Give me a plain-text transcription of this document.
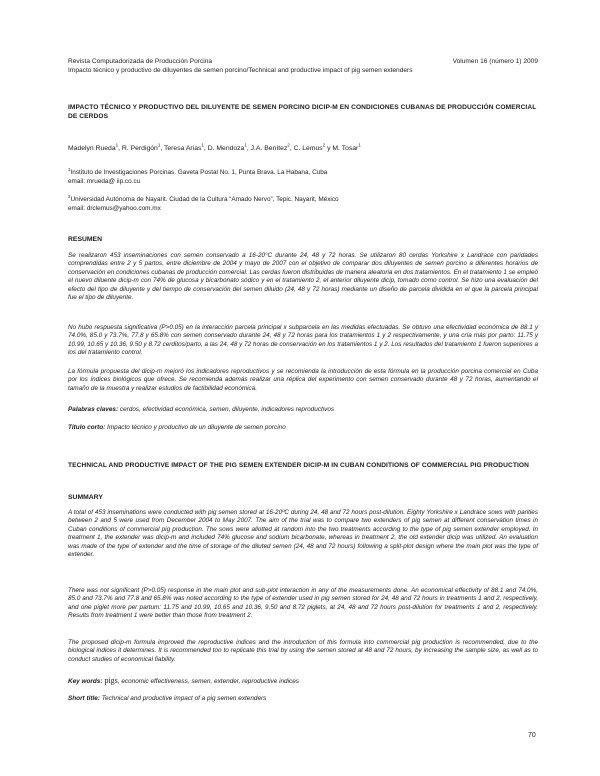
Revista Computadorizada de Producción Porcina	Volumen 16 (número 1) 2009
Impacto técnico y productivo de diluyentes de semen porcino/Technical and productive impact of pig semen extenders
IMPACTO TÉCNICO Y PRODUCTIVO DEL DILUYENTE DE SEMEN PORCINO DICIP-M EN CONDICIONES CUBANAS DE PRODUCCIÓN COMERCIAL DE CERDOS
Madelyn Rueda$^1$, R. Perdigón$^1$, Teresa Arias$^1$, D. Mendoza$^1$, J.A. Benítez$^2$, C. Lemus$^2$ y M. Tosar$^1$
$^1$Instituto de Investigaciones Porcinas. Gaveta Postal No. 1, Punta Brava. La Habana, Cuba
email: mrueda@ iip.co.cu
$^2$Universidad Autónoma de Nayarit. Ciudad de la Cultura “Amado Nervo”, Tepic. Nayarit, México
email: drclemus@yahoo.com.mx
RESUMEN

Se realizaron 453 inseminaciones con semen conservado a 16-20°C durante 24, 48 y 72 horas. Se utilizaron 80 cerdas Yorkshire x Landrace con paridades comprendidas entre 2 y 5 partos, entre diciembre de 2004 y mayo de 2007 con el objetivo de comparar dos diluyentes de semen porcino a diferentes horarios de conservación en condiciones cubanas de producción comercial. Las cerdas fueron distribuidas de manera aleatoria en dos tratamientos. En el tratamiento 1 se empleó el nuevo diluente dicip-m con 74% de glucosa y bicarbonato sódico y en el tratamiento 2, el anterior diluyente dicip, tomado como control. Se hizo una evaluación del efecto del tipo de diluyente y del tiempo de conservación del semen diluido (24, 48 y 72 horas) mediante un diseño de parcela dividida en el que la parcela principal fue el tipo de diluyente.

No hubo respuesta significativa (P>0.05) en la interacción parcela principal x subparcela en las medidas efectuadas. Se obtuvo una efectividad económica de 88.1 y 74.0%, 85.0 y 73.7%, 77.8 y 65.8% con semen conservado durante 24, 48 y 72 horas para los tratamientos 1 y 2 respectivamente, y una cría más por parto: 11.75 y 10.99, 10.65 y 10.36, 9.50 y 8.72 cerditos/parto, a las 24, 48 y 72 horas de conservación en los tratamientos 1 y 2. Los resultados del tratamiento 1 fueron superiores a los del tratamiento control.

La fórmula propuesta del dicip-m mejoró los indicadores reproductivos y se recomienda la introducción de esta fórmula en la producción porcina comercial en Cuba por los índices biológicos que ofrece. Se recomienda además realizar una réplica del experimento con semen conservado durante 48 y 72 horas, aumentando el tamaño de la muestra y realizar estudios de factibilidad económica.

Palabras claves: cerdos, efectividad económica, semen, diluyente, indicadores reproductivos
Título corto: Impacto técnico y productivo de un diluyente de semen porcino
TECHNICAL AND PRODUCTIVE IMPACT OF THE PIG SEMEN EXTENDER DICIP-M IN CUBAN CONDITIONS OF COMMERCIAL PIG PRODUCTION
SUMMARY

A total of 453 inseminations were conducted with pig semen stored at 16-20ºC during 24, 48 and 72 hours post-dilution. Eighty Yorkshire x Landrace sows with parities between 2 and 5 were used from December 2004 to May 2007. The aim of the trial was to compare two extenders of pig semen at different conservation times in Cuban conditions of commercial pig production. The sows were allotted at random into the two treatments according to the type of pig semen extender employed. In treatment 1, the extender was dicip-m and included 74% glucose and sodium bicarbonate, whereas in treatment 2, the old extender dicip was utilized. An evaluation was made of the type of extender and the time of storage of the diluted semen (24, 48 and 72 hours) following a split-plot design where the main plot was the type of extender.

There was not significant (P>0.05) response in the main plot and sub-plot interaction in any of the measurements done. An economical effectivity of 88.1 and 74.0%, 85.0 and 73.7% and 77.8 and 65.8% was noted according to the type of extender used in pig semen stored for 24, 48 and 72 hours in treatments 1 and 2, respectively, and one piglet more per partum: 11.75 and 10.99, 10.65 and 10.36, 9.50 and 8.72 piglets, at 24, 48 and 72 hours post-dilution for treatments 1 and 2, respectively. Results from treatment 1 were better than those from treatment 2.

The proposed dicip-m formula improved the reproductive indices and the introduction of this formula into commercial pig production is recommended, due to the biological indices it determines. It is recommended too to replicate this trial by using the semen stored at 48 and 72 hours, by increasing the sample size, as well as to conduct studies of economical fiability.

Key words: pigs, economic effectiveness, semen, extender, reproductive indices
Short title: Technical and productive impact of a pig semen extenders
70
